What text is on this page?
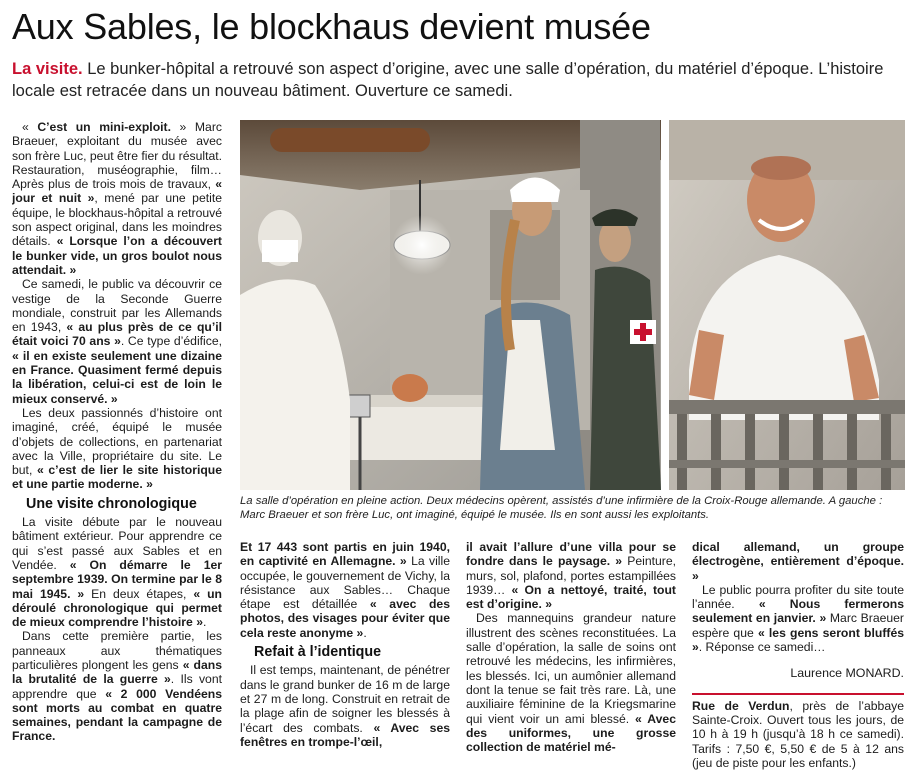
Aux Sables, le blockhaus devient musée
La visite. Le bunker-hôpital a retrouvé son aspect d’origine, avec une salle d’opération, du matériel d’époque. L’histoire locale est retracée dans un nouveau bâtiment. Ouverture ce samedi.

« C’est un mini-exploit. » Marc Braeuer, exploitant du musée avec son frère Luc, peut être fier du résultat. Restauration, muséographie, film… Après plus de trois mois de travaux, « jour et nuit », mené par une petite équipe, le blockhaus-hôpital a retrouvé son aspect original, dans les moindres détails. « Lorsque l’on a découvert le bunker vide, un gros boulot nous attendait. »

Ce samedi, le public va découvrir ce vestige de la Seconde Guerre mondiale, construit par les Allemands en 1943, « au plus près de ce qu’il était voici 70 ans ». Ce type d’édifice, « il en existe seulement une dizaine en France. Quasiment fermé depuis la libération, celui-ci est de loin le mieux conservé. »

Les deux passionnés d’histoire ont imaginé, créé, équipé le musée d’objets de collections, en partenariat avec la Ville, propriétaire du site. Le but, « c’est de lier le site historique et une partie moderne. »

Une visite chronologique

La visite débute par le nouveau bâtiment extérieur. Pour apprendre ce qui s’est passé aux Sables et en Vendée. « On démarre le 1er septembre 1939. On termine par le 8 mai 1945. » En deux étapes, « un déroulé chronologique qui permet de mieux comprendre l’histoire ».

Dans cette première partie, les panneaux aux thématiques particulières plongent les gens « dans la brutalité de la guerre ». Ils vont apprendre que « 2 000 Vendéens sont morts au combat en quatre semaines, pendant la campagne de France.

La salle d’opération en pleine action. Deux médecins opèrent, assistés d’une infirmière de la Croix-Rouge allemande. A gauche : Marc Braeuer et son frère Luc, ont imaginé, équipé le musée. Ils en sont aussi les exploitants.

Et 17 443 sont partis en juin 1940, en captivité en Allemagne. » La ville occupée, le gouvernement de Vichy, la résistance aux Sables… Chaque étape est détaillée « avec des photos, des visages pour éviter que cela reste anonyme ».

Refait à l’identique

Il est temps, maintenant, de pénétrer dans le grand bunker de 16 m de large et 27 m de long. Construit en retrait de la plage afin de soigner les blessés à l’écart des combats. « Avec ses fenêtres en trompe-l’œil,

il avait l’allure d’une villa pour se fondre dans le paysage. » Peinture, murs, sol, plafond, portes estampillées 1939… « On a nettoyé, traité, tout est d’origine. »

Des mannequins grandeur nature illustrent des scènes reconstituées. La salle d’opération, la salle de soins ont retrouvé les médecins, les infirmières, les blessés. Ici, un aumônier allemand dont la tenue se fait très rare. Là, une auxiliaire féminine de la Kriegsmarine qui vient voir un ami blessé. « Avec des uniformes, une grosse collection de matériel mé-

dical allemand, un groupe électrogène, entièrement d’époque. »

Le public pourra profiter du site toute l’année. « Nous fermerons seulement en janvier. » Marc Braeuer espère que « les gens seront bluffés ». Réponse ce samedi…

Laurence MONARD.

Rue de Verdun, près de l’abbaye Sainte-Croix. Ouvert tous les jours, de 10 h à 19 h (jusqu’à 18 h ce samedi). Tarifs : 7,50 €, 5,50 € de 5 à 12 ans (jeu de piste pour les enfants.)
